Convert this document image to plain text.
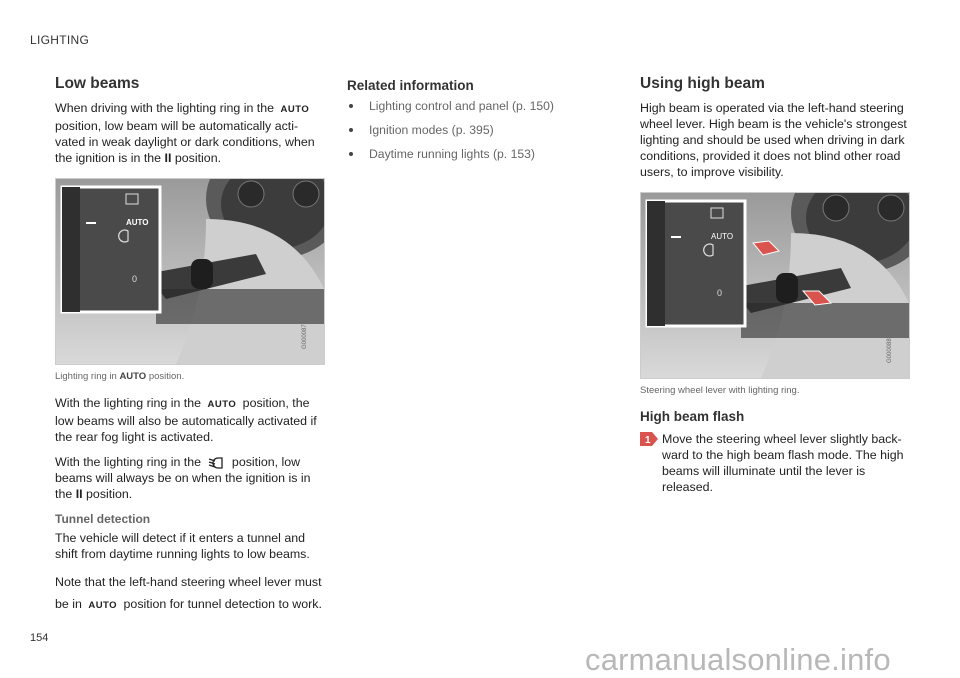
LIGHTING
Low beams

When driving with the lighting ring in the AUTO position, low beam will be automatically acti-vated in weak daylight or dark conditions, when the ignition is in the II position.

AUTO
0
G000087
Lighting ring in AUTO position.

With the lighting ring in the AUTO position, the low beams will also be automatically activated if the rear fog light is activated.

With the lighting ring in the position, low beams will always be on when the ignition is in the II position.

Tunnel detection

The vehicle will detect if it enters a tunnel and shift from daytime running lights to low beams.

Note that the left-hand steering wheel lever must be in AUTO position for tunnel detection to work.

Related information
Lighting control and panel (p. 150)
Ignition modes (p. 395)
Daytime running lights (p. 153)
Using high beam

High beam is operated via the left-hand steering wheel lever. High beam is the vehicle's strongest lighting and should be used when driving in dark conditions, provided it does not blind other road users, to improve visibility.

AUTO
0
G000088
Steering wheel lever with lighting ring.
High beam flash
1 Move the steering wheel lever slightly back-ward to the high beam flash mode. The high beams will illuminate until the lever is released.
154
carmanualsonline.info
